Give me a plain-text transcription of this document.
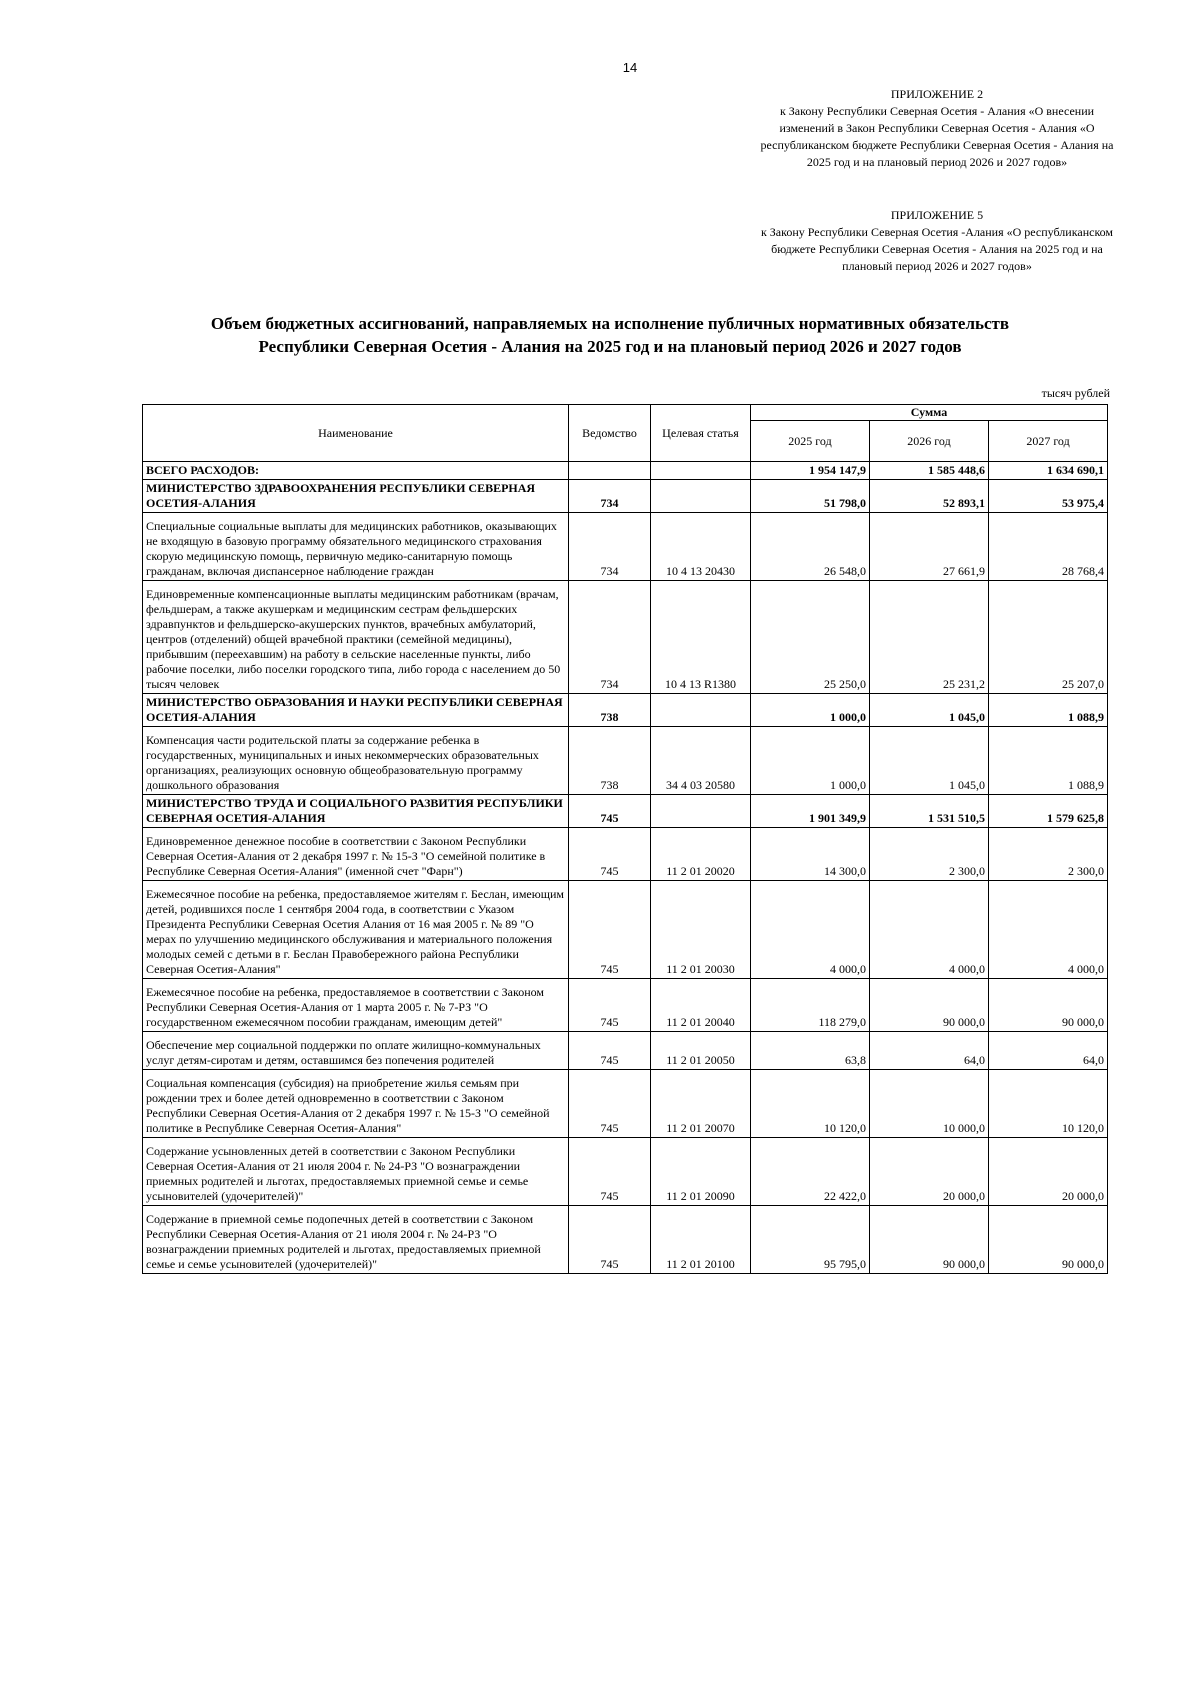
14
ПРИЛОЖЕНИЕ 2
к Закону Республики Северная Осетия - Алания «О внесении изменений в Закон Республики Северная Осетия - Алания «О республиканском бюджете Республики Северная Осетия - Алания на 2025 год и на плановый период 2026 и 2027 годов»
ПРИЛОЖЕНИЕ 5
к Закону Республики Северная Осетия -Алания «О республиканском бюджете Республики Северная Осетия - Алания на 2025 год и на плановый период 2026 и 2027 годов»
Объем бюджетных ассигнований, направляемых на исполнение публичных нормативных обязательств Республики Северная Осетия - Алания на 2025 год и на плановый период 2026 и 2027 годов
тысяч рублей
Наименование	Ведомство	Целевая статья	Сумма		
			2025 год	2026 год	2027 год
ВСЕГО РАСХОДОВ:			1 954 147,9	1 585 448,6	1 634 690,1
МИНИСТЕРСТВО ЗДРАВООХРАНЕНИЯ РЕСПУБЛИКИ СЕВЕРНАЯ ОСЕТИЯ-АЛАНИЯ	734		51 798,0	52 893,1	53 975,4
Специальные социальные выплаты для медицинских работников, оказывающих не входящую в базовую программу обязательного медицинского страхования скорую медицинскую помощь, первичную медико-санитарную помощь гражданам, включая диспансерное наблюдение граждан	734	10 4 13 20430	26 548,0	27 661,9	28 768,4
Единовременные компенсационные выплаты медицинским работникам (врачам, фельдшерам, а также акушеркам и медицинским сестрам фельдшерских здравпунктов и фельдшерско-акушерских пунктов, врачебных амбулаторий, центров (отделений) общей врачебной практики (семейной медицины), прибывшим (переехавшим) на работу в сельские населенные пункты, либо рабочие поселки, либо поселки городского типа, либо города с населением до 50 тысяч человек	734	10 4 13 R1380	25 250,0	25 231,2	25 207,0
МИНИСТЕРСТВО ОБРАЗОВАНИЯ И НАУКИ РЕСПУБЛИКИ СЕВЕРНАЯ ОСЕТИЯ-АЛАНИЯ	738		1 000,0	1 045,0	1 088,9
Компенсация части родительской платы за содержание ребенка в государственных, муниципальных и иных некоммерческих образовательных организациях, реализующих основную общеобразовательную программу дошкольного образования	738	34 4 03 20580	1 000,0	1 045,0	1 088,9
МИНИСТЕРСТВО ТРУДА И СОЦИАЛЬНОГО РАЗВИТИЯ РЕСПУБЛИКИ СЕВЕРНАЯ ОСЕТИЯ-АЛАНИЯ	745		1 901 349,9	1 531 510,5	1 579 625,8
Единовременное денежное пособие в соответствии с Законом Республики Северная Осетия-Алания от 2 декабря 1997 г. № 15-З "О семейной политике в Республике Северная Осетия-Алания" (именной счет "Фарн")	745	11 2 01 20020	14 300,0	2 300,0	2 300,0
Ежемесячное пособие на ребенка, предоставляемое жителям г. Беслан, имеющим детей, родившихся после 1 сентября 2004 года, в соответствии с Указом Президента Республики Северная Осетия Алания от 16 мая 2005 г. № 89 "О мерах по улучшению медицинского обслуживания и материального положения молодых семей с детьми в г. Беслан Правобережного района Республики Северная Осетия-Алания"	745	11 2 01 20030	4 000,0	4 000,0	4 000,0
Ежемесячное пособие на ребенка, предоставляемое в соответствии с Законом Республики Северная Осетия-Алания от 1 марта 2005 г. № 7-РЗ "О государственном ежемесячном пособии гражданам, имеющим детей"	745	11 2 01 20040	118 279,0	90 000,0	90 000,0
Обеспечение мер социальной поддержки по оплате жилищно-коммунальных услуг детям-сиротам и детям, оставшимся без попечения родителей	745	11 2 01 20050	63,8	64,0	64,0
Социальная компенсация (субсидия) на приобретение жилья семьям при рождении трех и более детей одновременно в соответствии с Законом Республики Северная Осетия-Алания от 2 декабря 1997 г. № 15-З "О семейной политике в Республике Северная Осетия-Алания"	745	11 2 01 20070	10 120,0	10 000,0	10 120,0
Содержание усыновленных детей в соответствии с Законом Республики Северная Осетия-Алания от 21 июля 2004 г. № 24-РЗ "О вознаграждении приемных родителей и льготах, предоставляемых приемной семье и семье усыновителей (удочерителей)"	745	11 2 01 20090	22 422,0	20 000,0	20 000,0
Содержание в приемной семье подопечных детей в соответствии с Законом Республики Северная Осетия-Алания от 21 июля 2004 г. № 24-РЗ "О вознаграждении приемных родителей и льготах, предоставляемых приемной семье и семье усыновителей (удочерителей)"	745	11 2 01 20100	95 795,0	90 000,0	90 000,0
